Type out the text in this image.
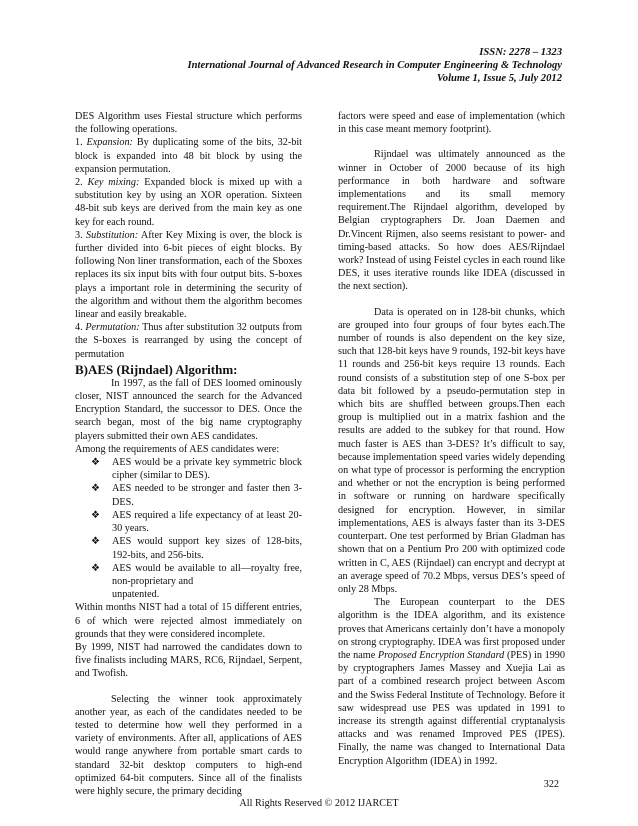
ISSN: 2278 – 1323
International Journal of Advanced Research in Computer Engineering & Technology
Volume 1, Issue 5, July 2012

DES Algorithm uses Fiestal structure which performs the following operations.

1. Expansion: By duplicating some of the bits, 32-bit block is expanded into 48 bit block by using the expansion permutation.

2. Key mixing: Expanded block is mixed up with a substitution key by using an XOR operation. Sixteen 48-bit sub keys are derived from the main key as one key for each round.

3. Substitution: After Key Mixing is over, the block is further divided into 6-bit pieces of eight blocks. By following Non liner transformation, each of the Sboxes replaces its six input bits with four output bits. S-boxes plays a important role in determining the security of the algorithm and without them the algorithm becomes linear and easily breakable.

4. Permutation: Thus after substitution 32 outputs from the S-boxes is rearranged by using the concept of permutation

B)AES (Rijndael) Algorithm:

In 1997, as the fall of DES loomed ominously closer, NIST announced the search for the Advanced Encryption Standard, the successor to DES. Once the search began, most of the big name cryptography players submitted their own AES candidates.

Among the requirements of AES candidates were:

❖ AES would be a private key symmetric block cipher (similar to DES).
❖ AES needed to be stronger and faster then 3-DES.
❖ AES required a life expectancy of at least 20-30 years.
❖ AES would support key sizes of 128-bits, 192-bits, and 256-bits.
❖ AES would be available to all—royalty free, non-proprietary and

unpatented.

Within months NIST had a total of 15 different entries, 6 of which were rejected almost immediately on grounds that they were considered incomplete.

By 1999, NIST had narrowed the candidates down to five finalists including MARS, RC6, Rijndael, Serpent, and Twofish.

Selecting the winner took approximately another year, as each of the candidates needed to be tested to determine how well they performed in a variety of environments. After all, applications of AES would range anywhere from portable smart cards to standard 32-bit desktop computers to high-end optimized 64-bit computers. Since all of the finalists were highly secure, the primary deciding

factors were speed and ease of implementation (which in this case meant memory footprint).

Rijndael was ultimately announced as the winner in October of 2000 because of its high performance in both hardware and software implementations and its small memory requirement.The Rijndael algorithm, developed by Belgian cryptographers Dr. Joan Daemen and Dr.Vincent Rijmen, also seems resistant to power- and timing-based attacks. So how does AES/Rijndael work? Instead of using Feistel cycles in each round like DES, it uses iterative rounds like IDEA (discussed in the next section).

Data is operated on in 128-bit chunks, which are grouped into four groups of four bytes each.The number of rounds is also dependent on the key size, such that 128-bit keys have 9 rounds, 192-bit keys have 11 rounds and 256-bit keys require 13 rounds. Each round consists of a substitution step of one S-box per data bit followed by a pseudo-permutation step in which bits are shuffled between groups.Then each group is multiplied out in a matrix fashion and the results are added to the subkey for that round. How much faster is AES than 3-DES? It’s difficult to say, because implementation speed varies widely depending on what type of processor is performing the encryption and whether or not the encryption is being performed in software or running on hardware specifically designed for encryption. However, in similar implementations, AES is always faster than its 3-DES counterpart. One test performed by Brian Gladman has shown that on a Pentium Pro 200 with optimized code written in C, AES (Rijndael) can encrypt and decrypt at an average speed of 70.2 Mbps, versus DES’s speed of only 28 Mbps.

The European counterpart to the DES algorithm is the IDEA algorithm, and its existence proves that Americans certainly don’t have a monopoly on strong cryptography. IDEA was first proposed under the name Proposed Encryption Standard (PES) in 1990 by cryptographers James Massey and Xuejia Lai as part of a combined research project between Ascom and the Swiss Federal Institute of Technology. Before it saw widespread use PES was updated in 1991 to increase its strength against differential cryptanalysis attacks and was renamed Improved PES (IPES). Finally, the name was changed to International Data Encryption Algorithm (IDEA) in 1992.

322
All Rights Reserved © 2012 IJARCET
